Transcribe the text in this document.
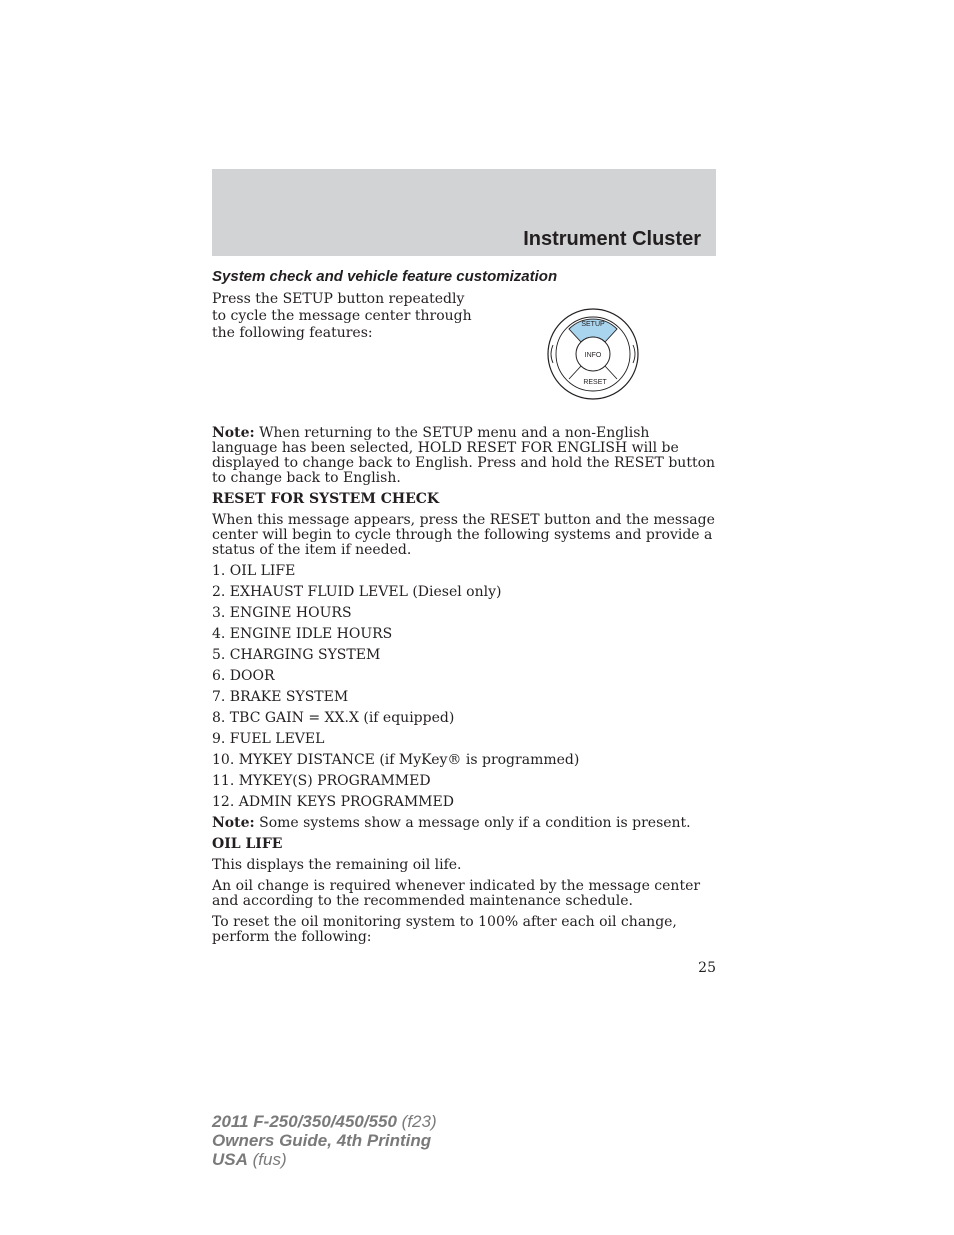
Instrument Cluster
System check and vehicle feature customization
Press the SETUP button repeatedly to cycle the message center through the following features:
SETUP
INFO
RESET

Note: When returning to the SETUP menu and a non-English language has been selected, HOLD RESET FOR ENGLISH will be displayed to change back to English. Press and hold the RESET button to change back to English.

RESET FOR SYSTEM CHECK

When this message appears, press the RESET button and the message center will begin to cycle through the following systems and provide a status of the item if needed.

1. OIL LIFE
2. EXHAUST FLUID LEVEL (Diesel only)
3. ENGINE HOURS
4. ENGINE IDLE HOURS
5. CHARGING SYSTEM
6. DOOR
7. BRAKE SYSTEM
8. TBC GAIN = XX.X (if equipped)
9. FUEL LEVEL
10. MYKEY DISTANCE (if MyKey® is programmed)
11. MYKEY(S) PROGRAMMED
12. ADMIN KEYS PROGRAMMED

Note: Some systems show a message only if a condition is present.

OIL LIFE

This displays the remaining oil life.

An oil change is required whenever indicated by the message center and according to the recommended maintenance schedule.

To reset the oil monitoring system to 100% after each oil change, perform the following:

25
2011 F-250/350/450/550 (f23)
Owners Guide, 4th Printing
USA (fus)
